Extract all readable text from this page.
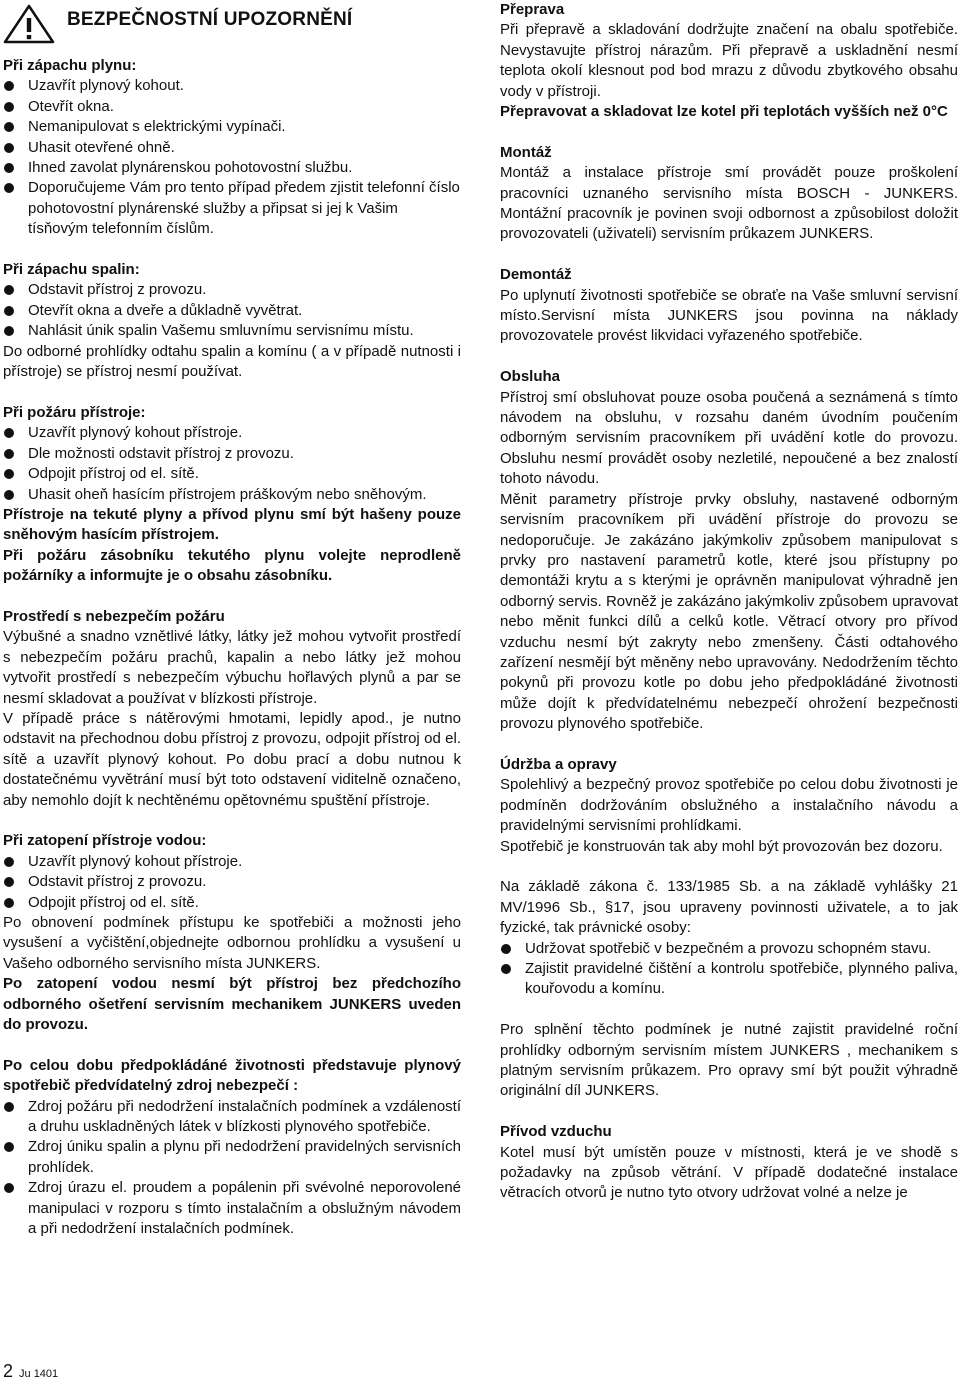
BEZPEČNOSTNÍ UPOZORNĚNÍ
Při zápachu plynu:
Uzavřít plynový kohout.
Otevřít okna.
Nemanipulovat s elektrickými vypínači.
Uhasit otevřené ohně.
Ihned zavolat plynárenskou pohotovostní službu.
Doporučujeme Vám pro tento případ předem zjistit telefonní číslo pohotovostní plynárenské služby a připsat si jej k Vašim tísňovým telefonním číslům.
Při zápachu spalin:
Odstavit přístroj z provozu.
Otevřít okna a dveře a důkladně vyvětrat.
Nahlásit únik spalin Vašemu smluvnímu servisnímu místu.

Do odborné prohlídky odtahu spalin a komínu ( a v případě nutnosti i přístroje) se přístroj nesmí používat.

Při požáru přístroje:
Uzavřít plynový kohout přístroje.
Dle možnosti odstavit přístroj z provozu.
Odpojit přístroj od el. sítě.
Uhasit oheň hasícím přístrojem práškovým nebo sněhovým.

Přístroje na tekuté plyny a přívod plynu smí být hašeny pouze sněhovým hasícím přístrojem.

Při požáru zásobníku tekutého plynu volejte neprodleně požárníky a informujte je o obsahu zásobníku.

Prostředí s nebezpečím požáru

Výbušné a snadno vznětlivé látky, látky jež mohou vytvořit prostředí s nebezpečím požáru prachů, kapalin a nebo látky jež mohou vytvořit prostředí s nebezpečím výbuchu hořlavých plynů a par se nesmí skladovat a používat v blízkosti přístroje.

V případě práce s nátěrovými hmotami, lepidly apod., je nutno odstavit na přechodnou dobu přístroj z provozu, odpojit přístroj od el. sítě a uzavřít plynový kohout. Po dobu prací a dobu nutnou k dostatečnému vyvětrání musí být toto odstavení viditelně označeno, aby nemohlo dojít k nechtěnému opětovnému spuštění přístroje.

Při zatopení přístroje vodou:
Uzavřít plynový kohout přístroje.
Odstavit přístroj z provozu.
Odpojit přístroj od el. sítě.

Po obnovení podmínek přístupu ke spotřebiči a možnosti jeho vysušení a vyčištění,objednejte odbornou prohlídku a vysušení u Vašeho odborného servisního místa JUNKERS.

Po zatopení vodou nesmí být přístroj bez předchozího odborného ošetření servisním mechanikem JUNKERS uveden do provozu.

Po celou dobu předpokládáné životnosti představuje plynový spotřebič předvídatelný zdroj nebezpečí :
Zdroj požáru při nedodržení instalačních podmínek a vzdáleností a druhu uskladněných látek v blízkosti plynového spotřebiče.
Zdroj úniku spalin a plynu při nedodržení pravidelných servisních prohlídek.
Zdroj úrazu el. proudem a popálenin při svévolné neporovolené manipulaci v rozporu s tímto instalačním a obslužným návodem a při nedodržení instalačních podmínek.
Přeprava

Při přepravě a skladování dodržujte značení na obalu spotřebiče. Nevystavujte přístroj nárazům. Při přepravě a uskladnění nesmí teplota okolí klesnout pod bod mrazu z důvodu zbytkového obsahu vody v přístroji.

Přepravovat a skladovat lze kotel při teplotách vyšších než 0°C

Montáž

Montáž a instalace přístroje smí provádět pouze proškolení pracovníci uznaného servisního místa BOSCH - JUNKERS. Montážní pracovník je povinen svoji odbornost a způsobilost doložit provozovateli (uživateli) servisním průkazem JUNKERS.

Demontáž

Po uplynutí životnosti spotřebiče se obraťe na Vaše smluvní servisní místo.Servisní místa JUNKERS jsou povinna na náklady provozovatele provést likvidaci vyřazeného spotřebiče.

Obsluha

Přístroj smí obsluhovat pouze osoba poučená a seznámená s tímto návodem na obsluhu, v rozsahu daném úvodním poučením odborným servisním pracovníkem při uvádění kotle do provozu. Obsluhu nesmí provádět osoby nezletilé, nepoučené a bez znalostí tohoto návodu.

Měnit parametry přístroje prvky obsluhy, nastavené odborným servisním pracovníkem při uvádění přístroje do provozu se nedoporučuje. Je zakázáno jakýmkoliv způsobem manipulovat s prvky pro nastavení parametrů kotle, které jsou přístupny po demontáži krytu a s kterými je oprávněn manipulovat výhradně jen odborný servis. Rovněž je zakázáno jakýmkoliv způsobem upravovat nebo měnit funkci dílů a celků kotle. Větrací otvory pro přívod vzduchu nesmí být zakryty nebo zmenšeny. Části odtahového zařízení nesmějí být měněny nebo upravovány. Nedodržením těchto pokynů při provozu kotle po dobu jeho předpokládáné životnosti může dojít k předvídatelnému nebezpečí ohrožení bezpečnosti provozu plynového spotřebiče.

Údržba a opravy

Spolehlivý a bezpečný provoz spotřebiče po celou dobu životnosti je podmíněn dodržováním obslužného a instalačního návodu a pravidelnými servisními prohlídkami.

Spotřebič je konstruován tak aby mohl být provozován bez dozoru.

Na základě zákona č. 133/1985 Sb. a na základě vyhlášky 21 MV/1996 Sb., §17, jsou upraveny povinnosti uživatele, a to jak fyzické, tak právnické osoby:

Udržovat spotřebič v bezpečném a provozu schopném stavu.
Zajistit pravidelné čištění a kontrolu spotřebiče, plynného paliva, kouřovodu a komínu.

Pro splnění těchto podmínek je nutné zajistit pravidelné roční prohlídky odborným servisním místem JUNKERS , mechanikem s platným servisním průkazem. Pro opravy smí být použit výhradně originální díl JUNKERS.

Přívod vzduchu

Kotel musí být umístěn pouze v místnosti, která je ve shodě s požadavky na způsob větrání. V případě dodatečné instalace větracích otvorů je nutno tyto otvory udržovat volné a nelze je

2 Ju 1401
